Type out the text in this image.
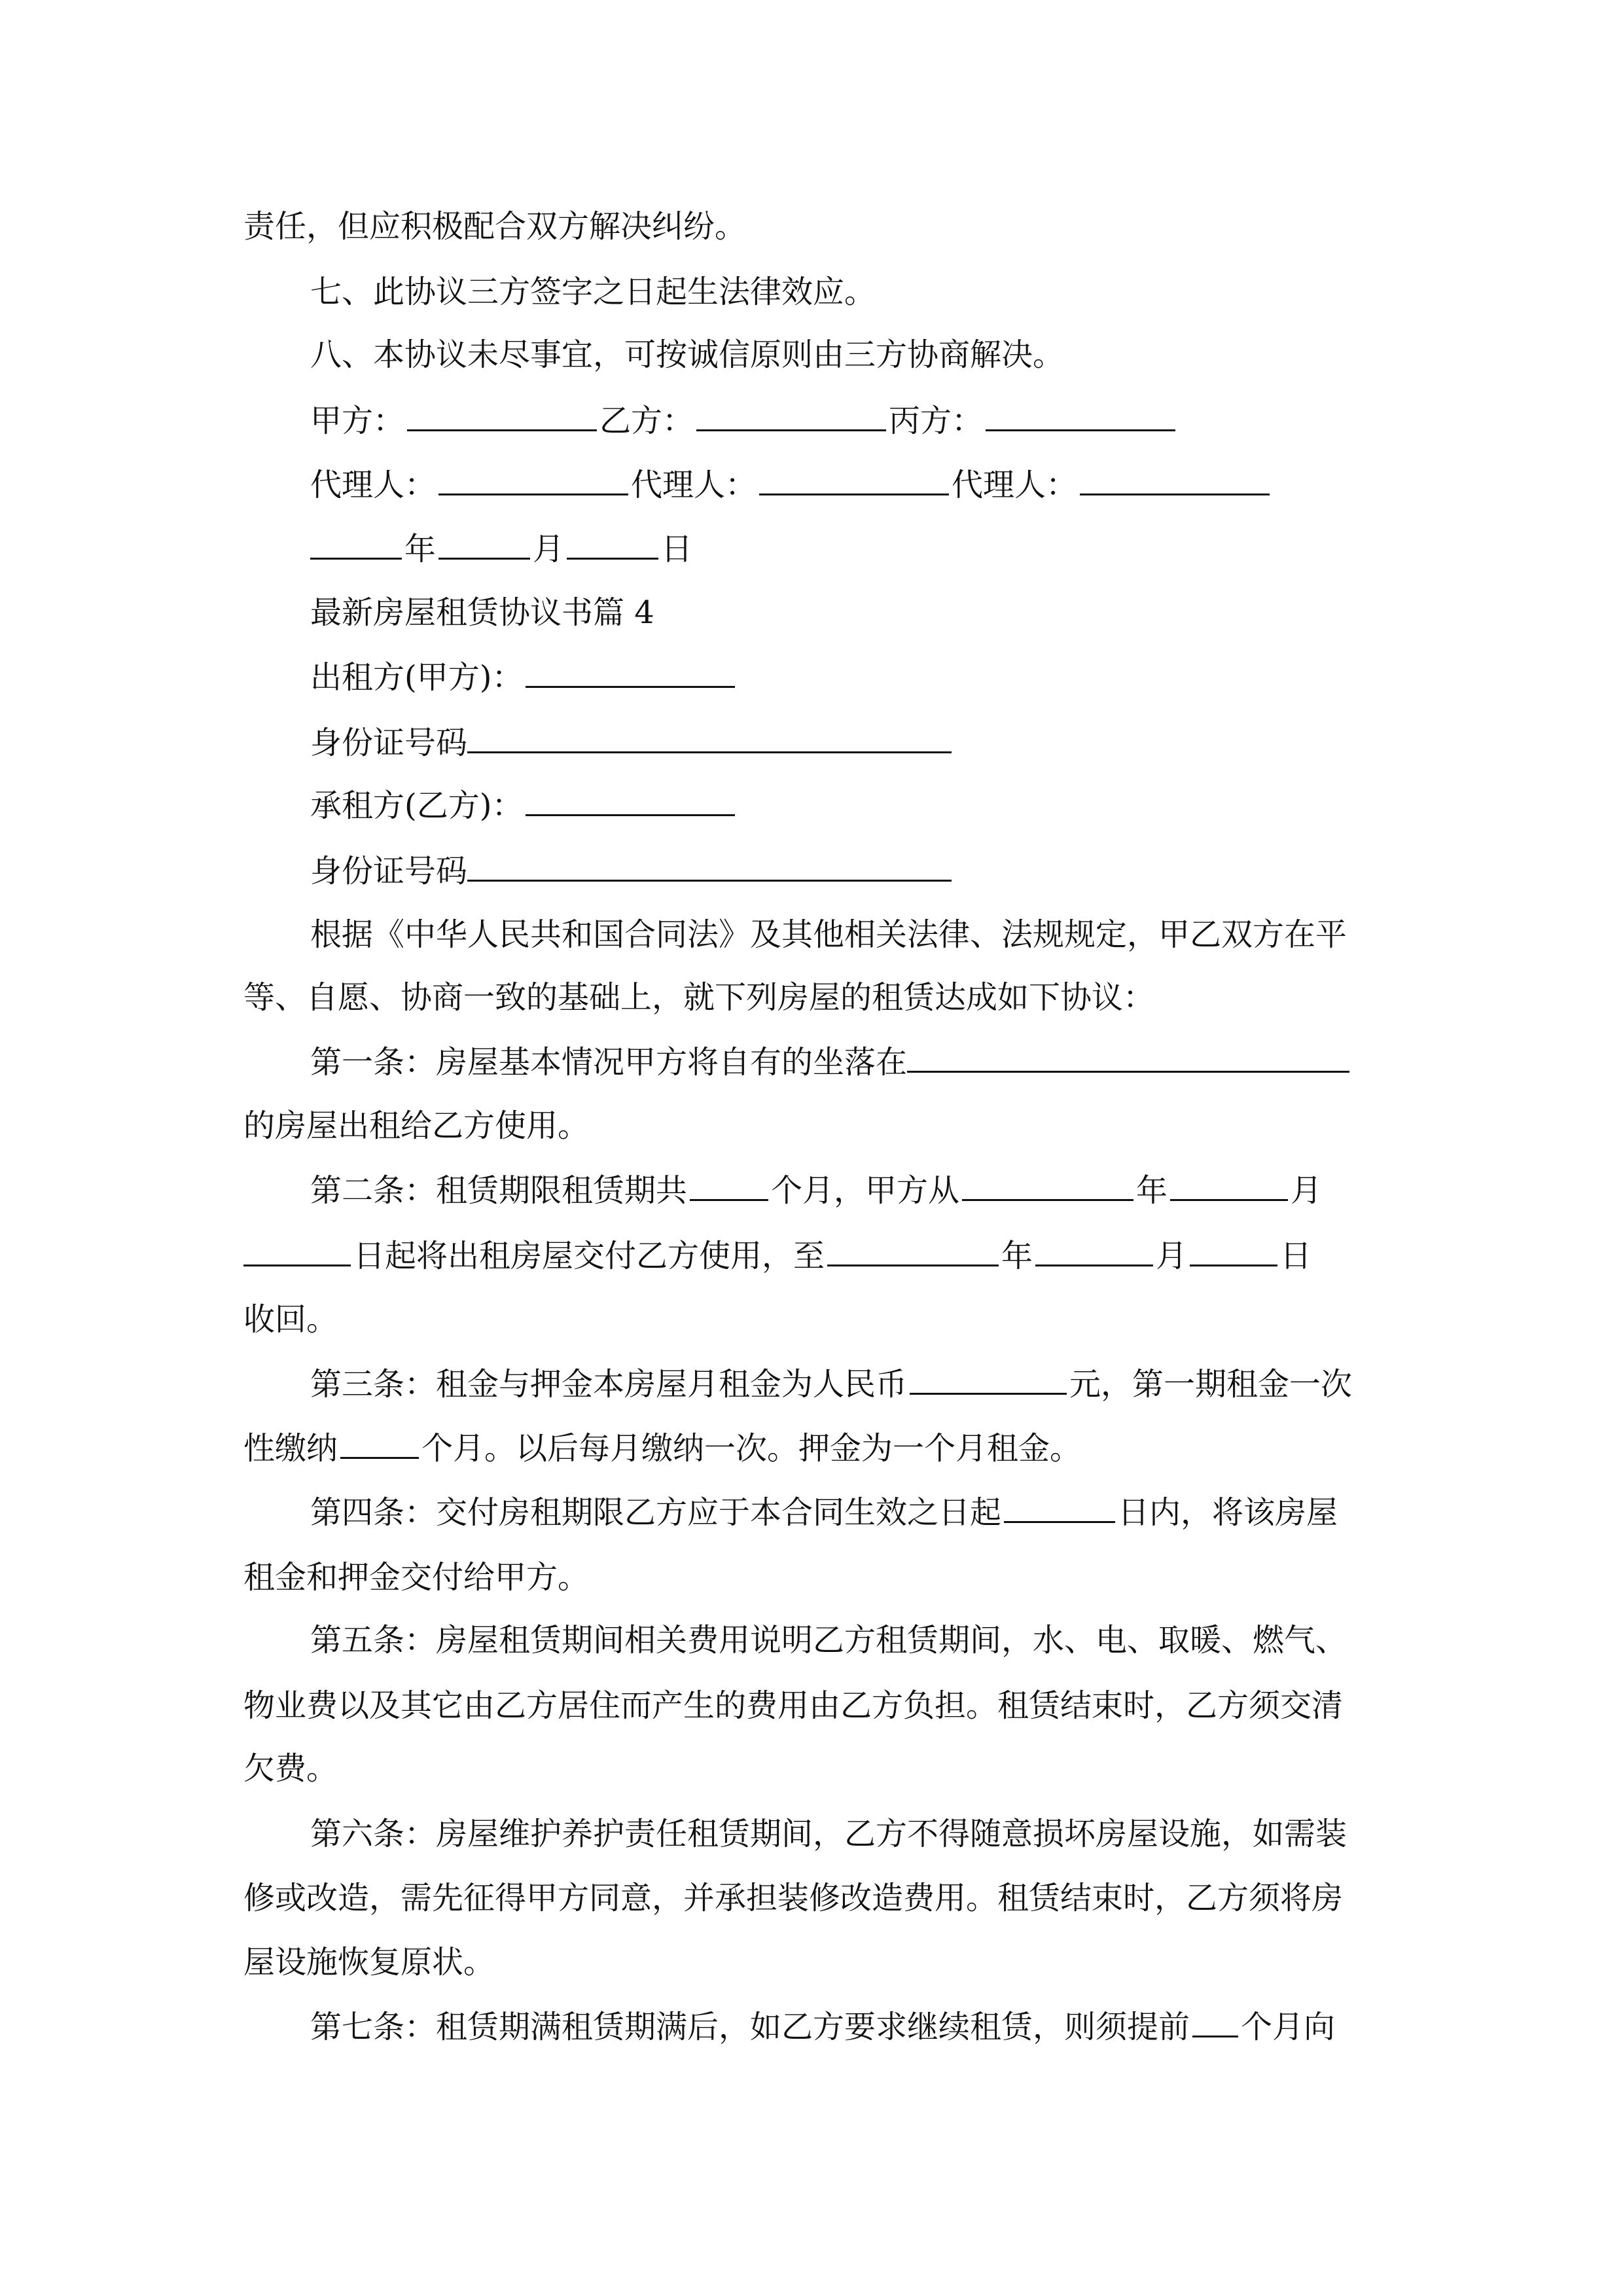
责任，但应积极配合双方解决纠纷。
七、此协议三方签字之日起生法律效应。
八、本协议未尽事宜，可按诚信原则由三方协商解决。
甲方：	乙方：	丙方：
代理人：	代理人：	代理人：
年	月	日
最新房屋租赁协议书篇 4
出租方(甲方)：
身份证号码
承租方(乙方)：
身份证号码
根据《中华人民共和国合同法》及其他相关法律、法规规定，甲乙双方在平
等、自愿、协商一致的基础上，就下列房屋的租赁达成如下协议：
第一条：房屋基本情况甲方将自有的坐落在
的房屋出租给乙方使用。
第二条：租赁期限租赁期共	个月，甲方从	年	月
日起将出租房屋交付乙方使用，至	年	月	日
收回。
第三条：租金与押金本房屋月租金为人民币	元，第一期租金一次
性缴纳	个月。以后每月缴纳一次。押金为一个月租金。
第四条：交付房租期限乙方应于本合同生效之日起	日内，将该房屋
租金和押金交付给甲方。
第五条：房屋租赁期间相关费用说明乙方租赁期间，水、电、取暖、燃气、
物业费以及其它由乙方居住而产生的费用由乙方负担。租赁结束时，乙方须交清
欠费。
第六条：房屋维护养护责任租赁期间，乙方不得随意损坏房屋设施，如需装
修或改造，需先征得甲方同意，并承担装修改造费用。租赁结束时，乙方须将房
屋设施恢复原状。
第七条：租赁期满租赁期满后，如乙方要求继续租赁，则须提前 个月向
